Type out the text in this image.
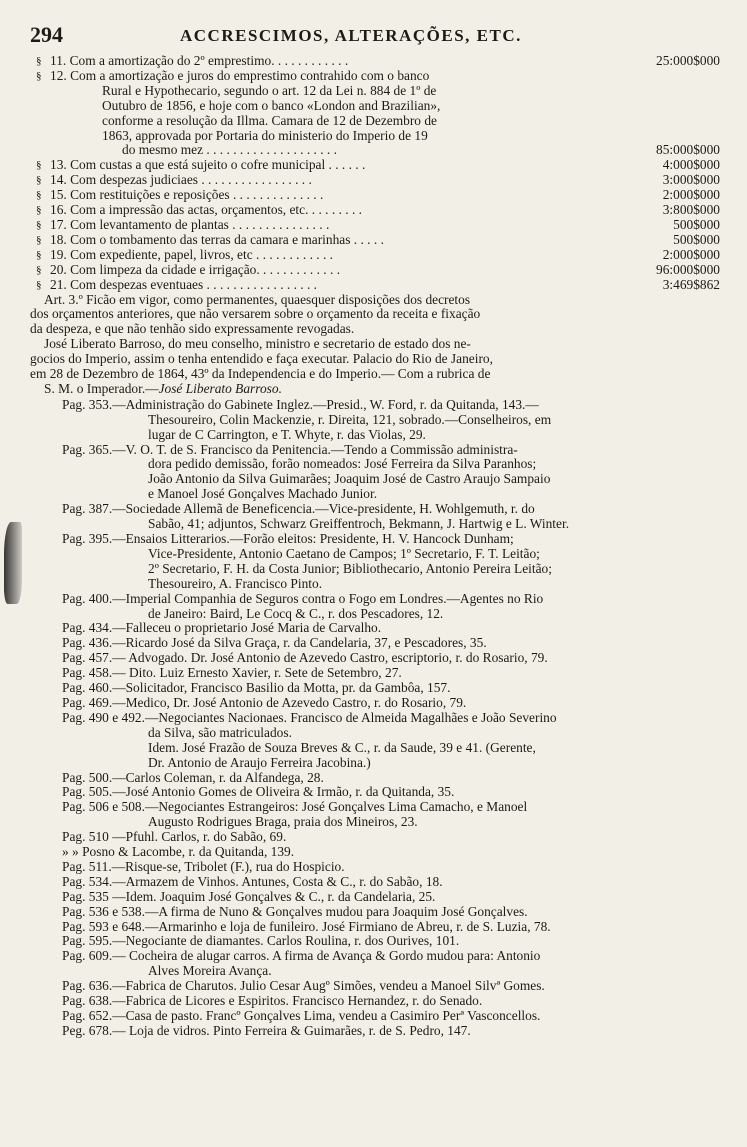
294	ACCRESCIMOS, ALTERAÇÕES, ETC.
§ 11. Com a amortização do 2º emprestimo. . . . . . . . . . . .	25:000$000
§ 12. Com a amortização e juros do emprestimo contrahido com o banco
Rural e Hypothecario, segundo o art. 12 da Lei n. 884 de 1º de
Outubro de 1856, e hoje com o banco «London and Brazilian»,
conforme a resolução da Illma. Camara de 12 de Dezembro de
1863, approvada por Portaria do ministerio do Imperio de 19
do mesmo mez . . . . . . . . . . . . . . . . . . . .	85:000$000
§ 13. Com custas a que está sujeito o cofre municipal . . . . . .	4:000$000
§ 14. Com despezas judiciaes . . . . . . . . . . . . . . . . .	3:000$000
§ 15. Com restituições e reposições . . . . . . . . . . . . . .	2:000$000
§ 16. Com a impressão das actas, orçamentos, etc. . . . . . . . .	3:800$000
§ 17. Com levantamento de plantas . . . . . . . . . . . . . . .	500$000
§ 18. Com o tombamento das terras da camara e marinhas . . . . .	500$000
§ 19. Com expediente, papel, livros, etc . . . . . . . . . . . .	2:000$000
§ 20. Com limpeza da cidade e irrigação. . . . . . . . . . . . .	96:000$000
§ 21. Com despezas eventuaes . . . . . . . . . . . . . . . . .	3:469$862
Art. 3.º Ficão em vigor, como permanentes, quaesquer disposições dos decretos
dos orçamentos anteriores, que não versarem sobre o orçamento da receita e fixação
da despeza, e que não tenhão sido expressamente revogadas.
José Liberato Barroso, do meu conselho, ministro e secretario de estado dos ne-
gocios do Imperio, assim o tenha entendido e faça executar. Palacio do Rio de Janeiro,
em 28 de Dezembro de 1864, 43º da Independencia e do Imperio.— Com a rubrica de
S. M. o Imperador.—José Liberato Barroso.
Pag. 353.—Administração do Gabinete Inglez.—Presid., W. Ford, r. da Quitanda, 143.—
Thesoureiro, Colin Mackenzie, r. Direita, 121, sobrado.—Conselheiros, em
lugar de C Carrington, e T. Whyte, r. das Violas, 29.
Pag. 365.—V. O. T. de S. Francisco da Penitencia.—Tendo a Commissão administra-
dora pedido demissão, forão nomeados: José Ferreira da Silva Paranhos;
João Antonio da Silva Guimarães; Joaquim José de Castro Araujo Sampaio
e Manoel José Gonçalves Machado Junior.
Pag. 387.—Sociedade Allemã de Beneficencia.—Vice-presidente, H. Wohlgemuth, r. do
Sabão, 41; adjuntos, Schwarz Greiffentroch, Bekmann, J. Hartwig e L. Winter.
Pag. 395.—Ensaios Litterarios.—Forão eleitos: Presidente, H. V. Hancock Dunham;
Vice-Presidente, Antonio Caetano de Campos; 1º Secretario, F. T. Leitão;
2º Secretario, F. H. da Costa Junior; Bibliothecario, Antonio Pereira Leitão;
Thesoureiro, A. Francisco Pinto.
Pag. 400.—Imperial Companhia de Seguros contra o Fogo em Londres.—Agentes no Rio
de Janeiro: Baird, Le Cocq & C., r. dos Pescadores, 12.
Pag. 434.—Falleceu o proprietario José Maria de Carvalho.
Pag. 436.—Ricardo José da Silva Graça, r. da Candelaria, 37, e Pescadores, 35.
Pag. 457.— Advogado. Dr. José Antonio de Azevedo Castro, escriptorio, r. do Rosario, 79.
Pag. 458.— Dito. Luiz Ernesto Xavier, r. Sete de Setembro, 27.
Pag. 460.—Solicitador, Francisco Basilio da Motta, pr. da Gambôa, 157.
Pag. 469.—Medico, Dr. José Antonio de Azevedo Castro, r. do Rosario, 79.
Pag. 490 e 492.—Negociantes Nacionaes. Francisco de Almeida Magalhães e João Severino
da Silva, são matriculados.
Idem. José Frazão de Souza Breves & C., r. da Saude, 39 e 41. (Gerente,
Dr. Antonio de Araujo Ferreira Jacobina.)
Pag. 500.—Carlos Coleman, r. da Alfandega, 28.
Pag. 505.—José Antonio Gomes de Oliveira & Irmão, r. da Quitanda, 35.
Pag. 506 e 508.—Negociantes Estrangeiros: José Gonçalves Lima Camacho, e Manoel
Augusto Rodrigues Braga, praia dos Mineiros, 23.
Pag. 510 —Pfuhl. Carlos, r. do Sabão, 69.
» » Posno & Lacombe, r. da Quitanda, 139.
Pag. 511.—Risque-se, Tribolet (F.), rua do Hospicio.
Pag. 534.—Armazem de Vinhos. Antunes, Costa & C., r. do Sabão, 18.
Pag. 535 —Idem. Joaquim José Gonçalves & C., r. da Candelaria, 25.
Pag. 536 e 538.—A firma de Nuno & Gonçalves mudou para Joaquim José Gonçalves.
Pag. 593 e 648.—Armarinho e loja de funileiro. José Firmiano de Abreu, r. de S. Luzia, 78.
Pag. 595.—Negociante de diamantes. Carlos Roulina, r. dos Ourives, 101.
Pag. 609.— Cocheira de alugar carros. A firma de Avança & Gordo mudou para: Antonio
Alves Moreira Avança.
Pag. 636.—Fabrica de Charutos. Julio Cesar Augº Simões, vendeu a Manoel Silvª Gomes.
Pag. 638.—Fabrica de Licores e Espiritos. Francisco Hernandez, r. do Senado.
Pag. 652.—Casa de pasto. Francº Gonçalves Lima, vendeu a Casimiro Perª Vasconcellos.
Peg. 678.— Loja de vidros. Pinto Ferreira & Guimarães, r. de S. Pedro, 147.
